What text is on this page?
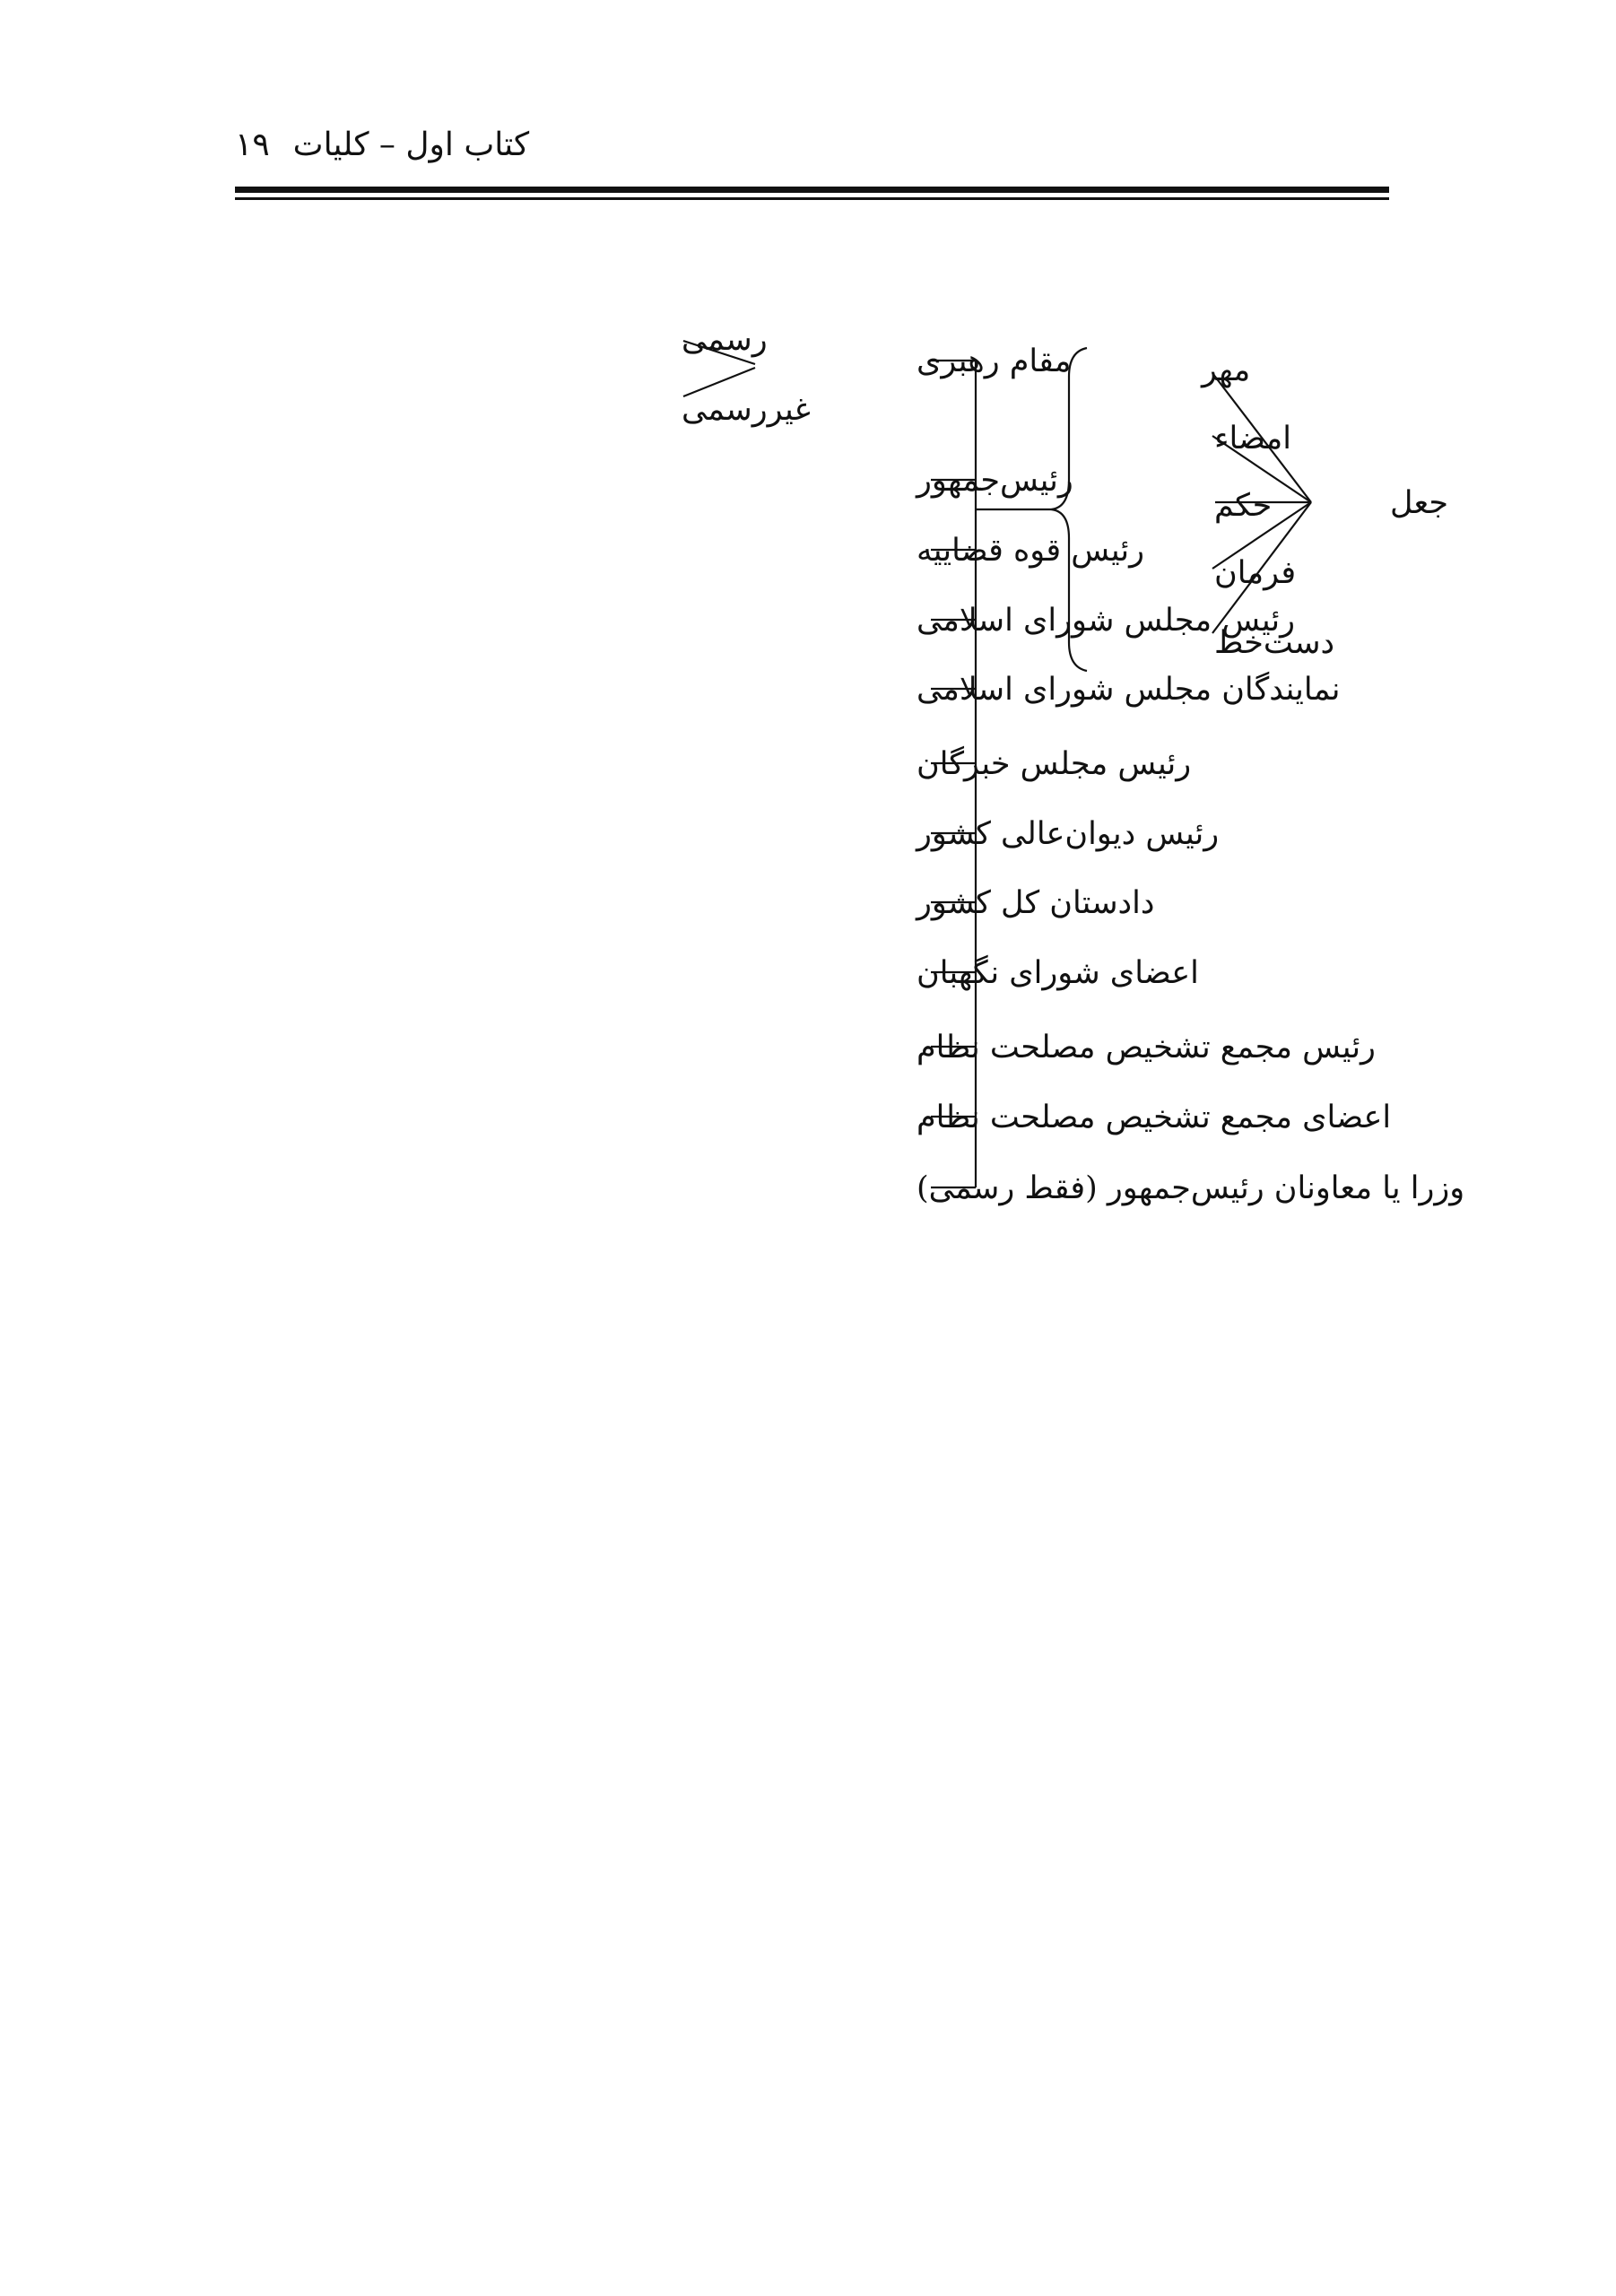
کتاب اول – کلیات
۱۹
جعل
مهر
امضاء
حکم
فرمان
دست‌خط
مقام رهبری
رسمی
غیررسمی
رئیس‌جمهور
رئیس قوه قضاییه
رئیس مجلس شورای اسلامی
نمایندگان مجلس شورای اسلامی
رئیس مجلس خبرگان
رئیس دیوان‌عالی کشور
دادستان کل کشور
اعضای شورای نگهبان
رئیس مجمع تشخیص مصلحت نظام
اعضای مجمع تشخیص مصلحت نظام
وزرا یا معاونان رئیس‌جمهور (فقط رسمی)
